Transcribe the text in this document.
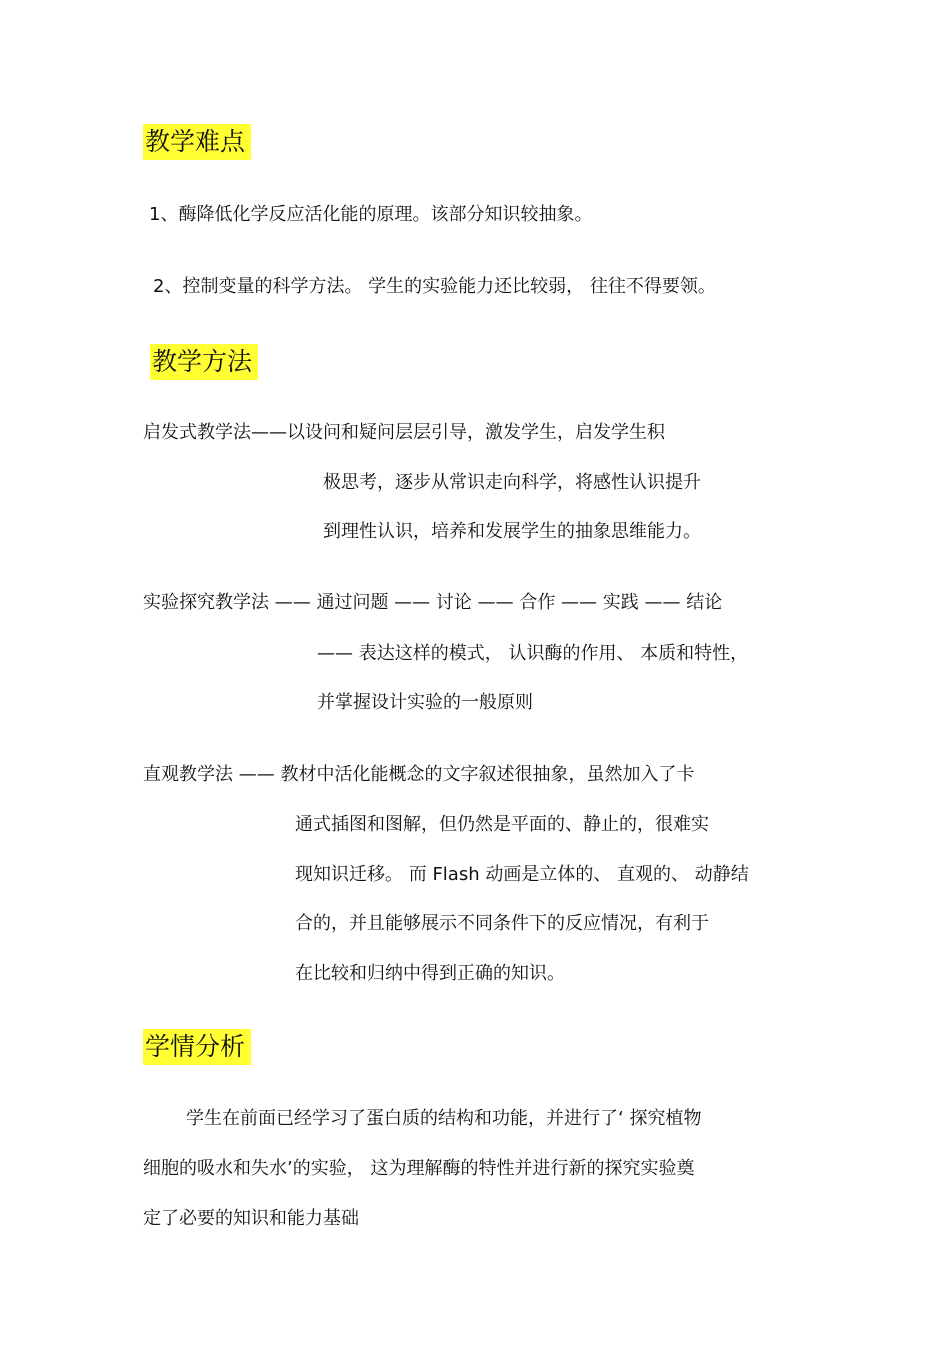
教学难点
1、酶降低化学反应活化能的原理。该部分知识较抽象。
2、控制变量的科学方法。 学生的实验能力还比较弱， 往往不得要领。
教学方法
启发式教学法——以设问和疑问层层引导，激发学生，启发学生积
极思考，逐步从常识走向科学，将感性认识提升
到理性认识，培养和发展学生的抽象思维能力。
实验探究教学法 —— 通过问题 —— 讨论 —— 合作 —— 实践 —— 结论
—— 表达这样的模式， 认识酶的作用、 本质和特性，
并掌握设计实验的一般原则
直观教学法 —— 教材中活化能概念的文字叙述很抽象，虽然加入了卡
通式插图和图解，但仍然是平面的、静止的，很难实
现知识迁移。 而 Flash 动画是立体的、 直观的、 动静结
合的，并且能够展示不同条件下的反应情况，有利于
在比较和归纳中得到正确的知识。
学情分析
学生在前面已经学习了蛋白质的结构和功能，并进行了‘ 探究植物
细胞的吸水和失水’的实验， 这为理解酶的特性并进行新的探究实验奠
定了必要的知识和能力基础
